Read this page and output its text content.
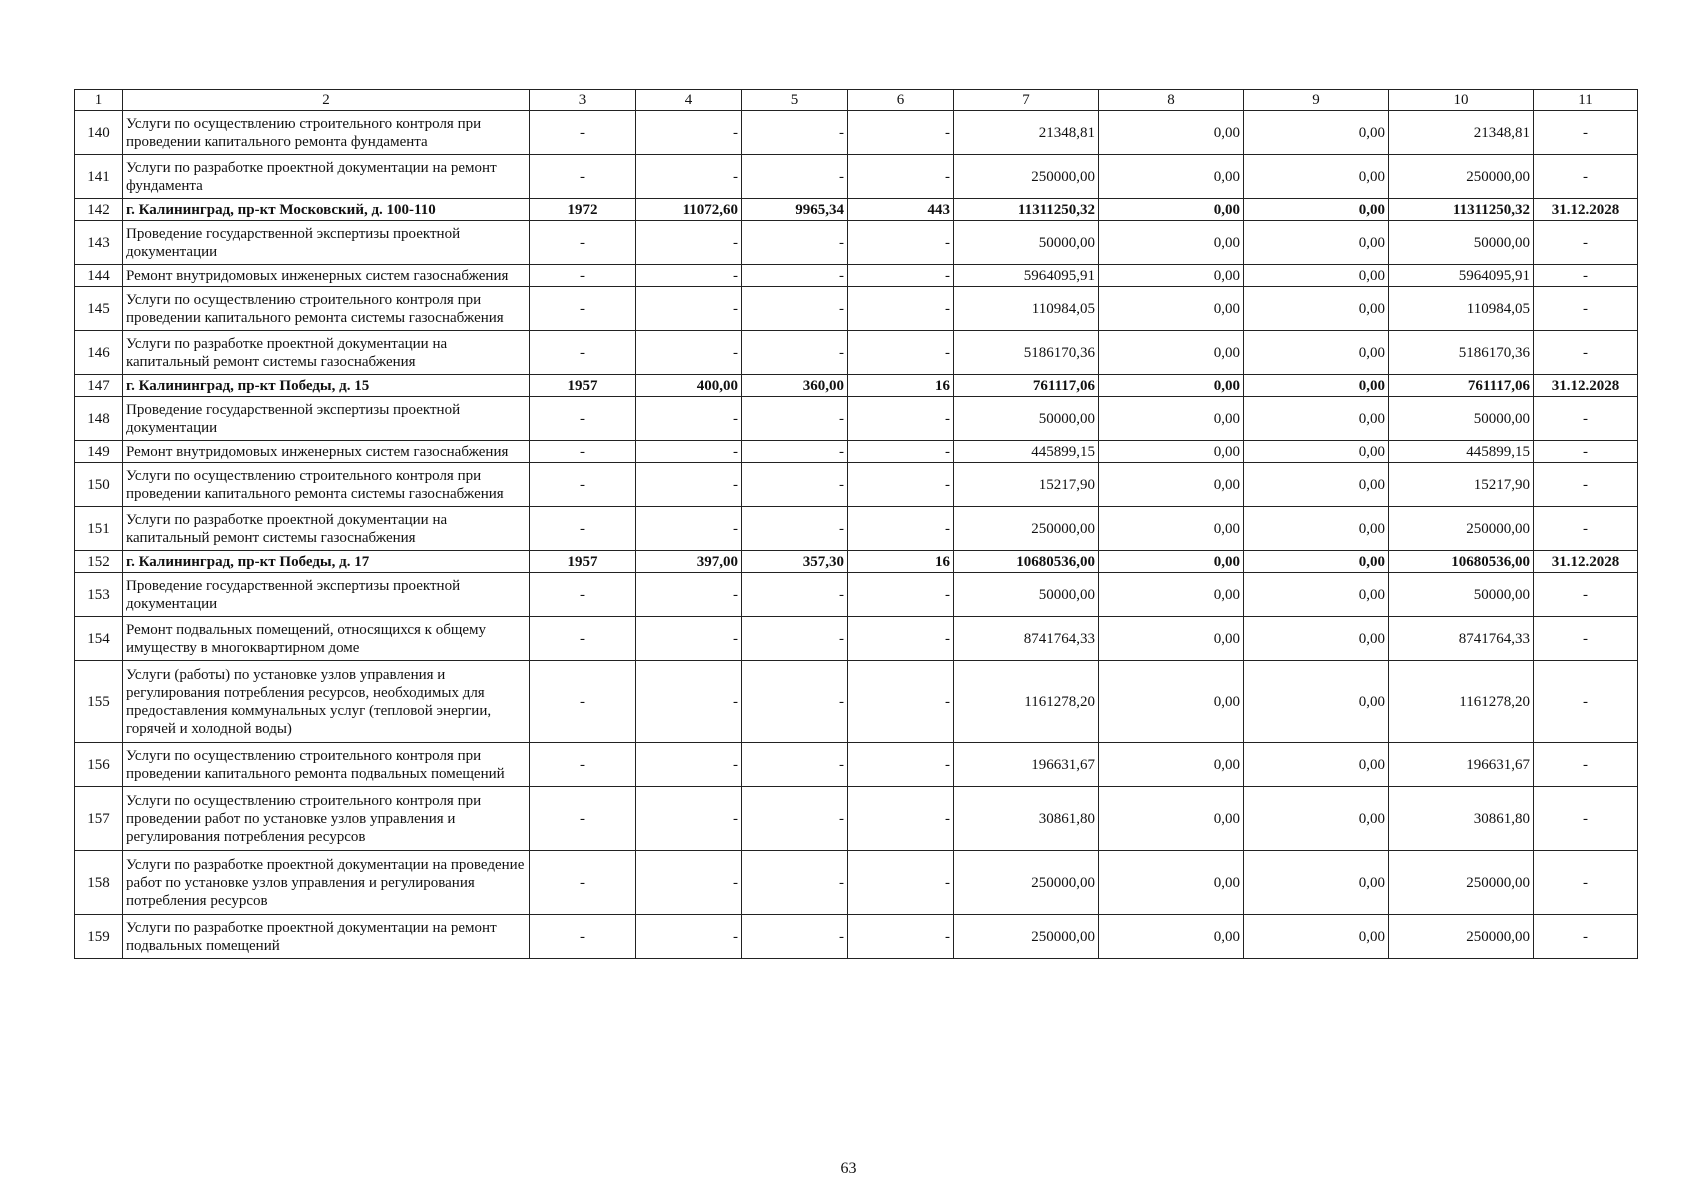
1	2	3	4	5	6	7	8	9	10	11
140	Услуги по осуществлению строительного контроля при проведении капитального ремонта фундамента	-	-	-	-	21348,81	0,00	0,00	21348,81	-
141	Услуги по разработке проектной документации на ремонт фундамента	-	-	-	-	250000,00	0,00	0,00	250000,00	-
142	г. Калининград, пр-кт Московский, д. 100-110	1972	11072,60	9965,34	443	11311250,32	0,00	0,00	11311250,32	31.12.2028
143	Проведение государственной экспертизы проектной документации	-	-	-	-	50000,00	0,00	0,00	50000,00	-
144	Ремонт внутридомовых инженерных систем газоснабжения	-	-	-	-	5964095,91	0,00	0,00	5964095,91	-
145	Услуги по осуществлению строительного контроля при проведении капитального ремонта системы газоснабжения	-	-	-	-	110984,05	0,00	0,00	110984,05	-
146	Услуги по разработке проектной документации на капитальный ремонт системы газоснабжения	-	-	-	-	5186170,36	0,00	0,00	5186170,36	-
147	г. Калининград, пр-кт Победы, д. 15	1957	400,00	360,00	16	761117,06	0,00	0,00	761117,06	31.12.2028
148	Проведение государственной экспертизы проектной документации	-	-	-	-	50000,00	0,00	0,00	50000,00	-
149	Ремонт внутридомовых инженерных систем газоснабжения	-	-	-	-	445899,15	0,00	0,00	445899,15	-
150	Услуги по осуществлению строительного контроля при проведении капитального ремонта системы газоснабжения	-	-	-	-	15217,90	0,00	0,00	15217,90	-
151	Услуги по разработке проектной документации на капитальный ремонт системы газоснабжения	-	-	-	-	250000,00	0,00	0,00	250000,00	-
152	г. Калининград, пр-кт Победы, д. 17	1957	397,00	357,30	16	10680536,00	0,00	0,00	10680536,00	31.12.2028
153	Проведение государственной экспертизы проектной документации	-	-	-	-	50000,00	0,00	0,00	50000,00	-
154	Ремонт подвальных помещений, относящихся к общему имуществу в многоквартирном доме	-	-	-	-	8741764,33	0,00	0,00	8741764,33	-
155	Услуги (работы) по установке узлов управления и регулирования потребления ресурсов, необходимых для предоставления коммунальных услуг (тепловой энергии, горячей и холодной воды)	-	-	-	-	1161278,20	0,00	0,00	1161278,20	-
156	Услуги по осуществлению строительного контроля при проведении капитального ремонта подвальных помещений	-	-	-	-	196631,67	0,00	0,00	196631,67	-
157	Услуги по осуществлению строительного контроля при проведении работ по установке узлов управления и регулирования потребления ресурсов	-	-	-	-	30861,80	0,00	0,00	30861,80	-
158	Услуги по разработке проектной документации на проведение работ по установке узлов управления и регулирования потребления ресурсов	-	-	-	-	250000,00	0,00	0,00	250000,00	-
159	Услуги по разработке проектной документации на ремонт подвальных помещений	-	-	-	-	250000,00	0,00	0,00	250000,00	-
63
